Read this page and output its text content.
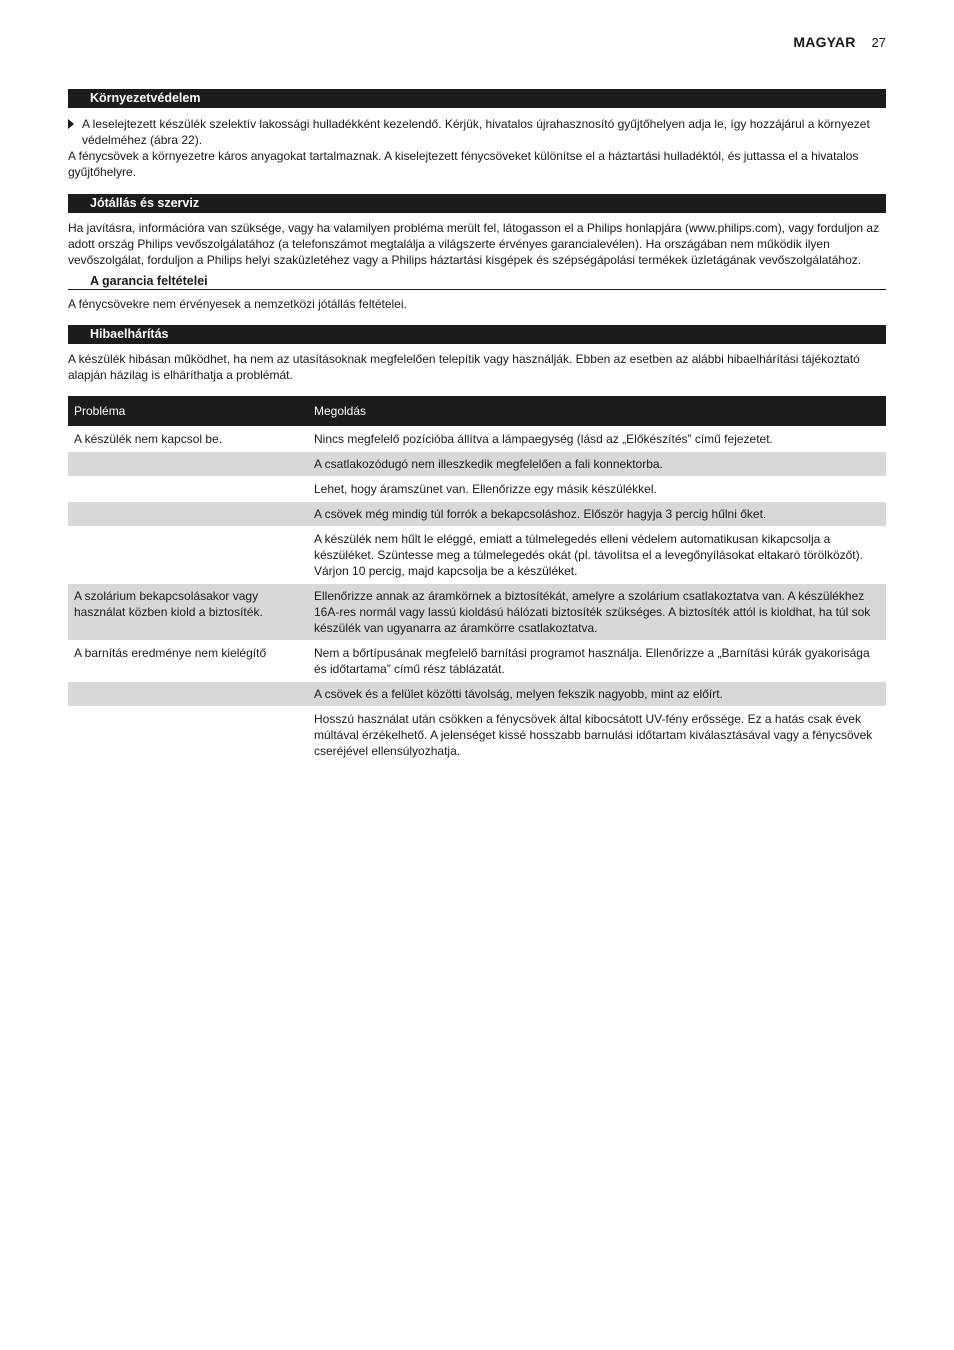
MAGYAR 27
Környezetvédelem

A leselejtezett készülék szelektív lakossági hulladékként kezelendő. Kérjük, hivatalos újrahasznosító gyűjtőhelyen adja le, így hozzájárul a környezet védelméhez (ábra 22).

A fénycsövek a környezetre káros anyagokat tartalmaznak. A kiselejtezett fénycsöveket különítse el a háztartási hulladéktól, és juttassa el a hivatalos gyűjtőhelyre.

Jótállás és szerviz

Ha javításra, információra van szüksége, vagy ha valamilyen probléma merült fel, látogasson el a Philips honlapjára (www.philips.com), vagy forduljon az adott ország Philips vevőszolgálatához (a telefonszámot megtalálja a világszerte érvényes garancialevélen). Ha országában nem működik ilyen vevőszolgálat, forduljon a Philips helyi szaküzletéhez vagy a Philips háztartási kisgépek és szépségápolási termékek üzletágának vevőszolgálatához.

A garancia feltételei

A fénycsövekre nem érvényesek a nemzetközi jótállás feltételei.

Hibaelhárítás

A készülék hibásan működhet, ha nem az utasításoknak megfelelően telepítik vagy használják. Ebben az esetben az alábbi hibaelhárítási tájékoztató alapján házilag is elháríthatja a problémát.

Probléma	Megoldás
A készülék nem kapcsol be.	Nincs megfelelő pozícióba állítva a lámpaegység (lásd az „Előkészítés” című fejezetet.
	A csatlakozódugó nem illeszkedik megfelelően a fali konnektorba.
	Lehet, hogy áramszünet van. Ellenőrizze egy másik készülékkel.
	A csövek még mindig túl forrók a bekapcsoláshoz. Először hagyja 3 percig hűlni őket.
	A készülék nem hűlt le eléggé, emiatt a túlmelegedés elleni védelem automatikusan kikapcsolja a készüléket. Szüntesse meg a túlmelegedés okát (pl. távolítsa el a levegőnyílásokat eltakaró törölközőt). Várjon 10 percig, majd kapcsolja be a készüléket.
A szolárium bekapcsolásakor vagy használat közben kiold a biztosíték.	Ellenőrizze annak az áramkörnek a biztosítékát, amelyre a szolárium csatlakoztatva van. A készülékhez 16A-res normál vagy lassú kioldású hálózati biztosíték szükséges. A biztosíték attól is kioldhat, ha túl sok készülék van ugyanarra az áramkörre csatlakoztatva.
A barnítás eredménye nem kielégítő	Nem a bőrtípusának megfelelő barnítási programot használja. Ellenőrizze a „Barnítási kúrák gyakorisága és időtartama” című rész táblázatát.
	A csövek és a felület közötti távolság, melyen fekszik nagyobb, mint az előírt.
	Hosszú használat után csökken a fénycsövek által kibocsátott UV-fény erőssége. Ez a hatás csak évek múltával érzékelhető. A jelenséget kissé hosszabb barnulási időtartam kiválasztásával vagy a fénycsövek cseréjével ellensúlyozhatja.
